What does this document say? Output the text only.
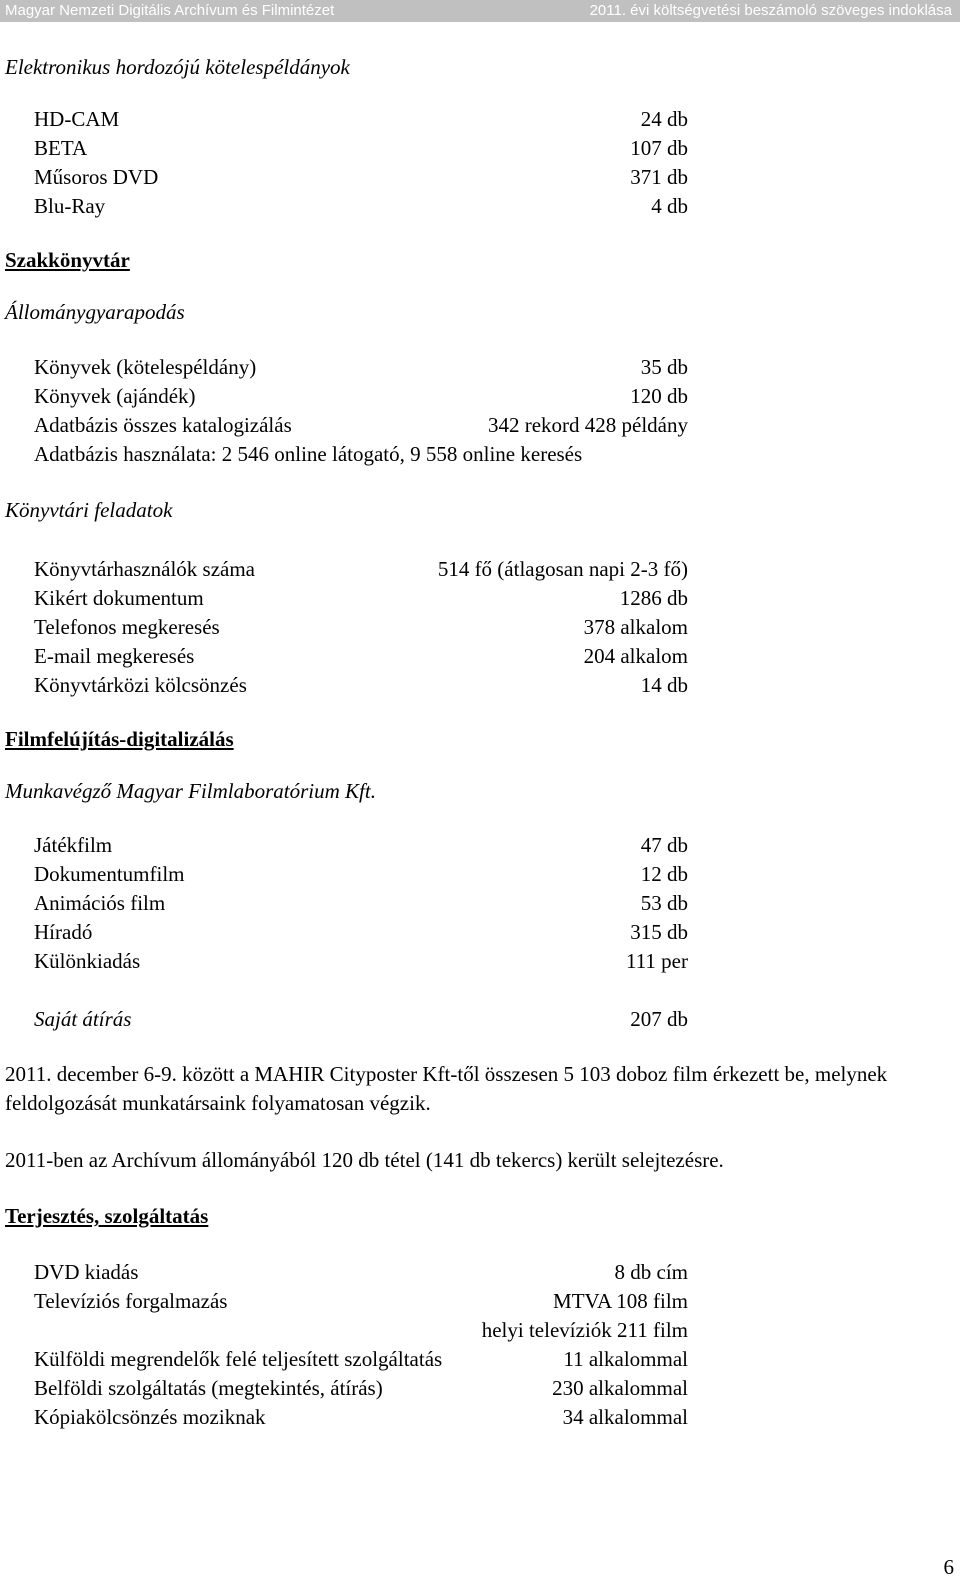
Magyar Nemzeti Digitális Archívum és Filmintézet	2011. évi költségvetési beszámoló szöveges indoklása
Elektronikus hordozójú kötelespéldányok
HD-CAM	24 db
BETA	107 db
Műsoros DVD	371 db
Blu-Ray	4 db
Szakkönyvtár
Állománygyarapodás
Könyvek (kötelespéldány)	35 db
Könyvek (ajándék)	120 db
Adatbázis összes katalogizálás	342 rekord 428 példány
Adatbázis használata: 2 546 online látogató, 9 558 online keresés
Könyvtári feladatok
Könyvtárhasználók száma	514 fő (átlagosan napi 2-3 fő)
Kikért dokumentum	1286 db
Telefonos megkeresés	378 alkalom
E-mail megkeresés	204 alkalom
Könyvtárközi kölcsönzés	14 db
Filmfelújítás-digitalizálás
Munkavégző Magyar Filmlaboratórium Kft.
Játékfilm	47 db
Dokumentumfilm	12 db
Animációs film	53 db
Híradó	315 db
Különkiadás	111 per
Saját átírás	207 db
2011. december 6-9. között a MAHIR Cityposter Kft-től összesen 5 103 doboz film érkezett be, melynek feldolgozását munkatársaink folyamatosan végzik.
2011-ben az Archívum állományából 120 db tétel (141 db tekercs) került selejtezésre.
Terjesztés, szolgáltatás
DVD kiadás	8 db cím
Televíziós forgalmazás	MTVA 108 film
helyi televíziók 211 film
Külföldi megrendelők felé teljesített szolgáltatás	11 alkalommal
Belföldi szolgáltatás (megtekintés, átírás)	230 alkalommal
Kópiakölcsönzés moziknak	34 alkalommal
6
